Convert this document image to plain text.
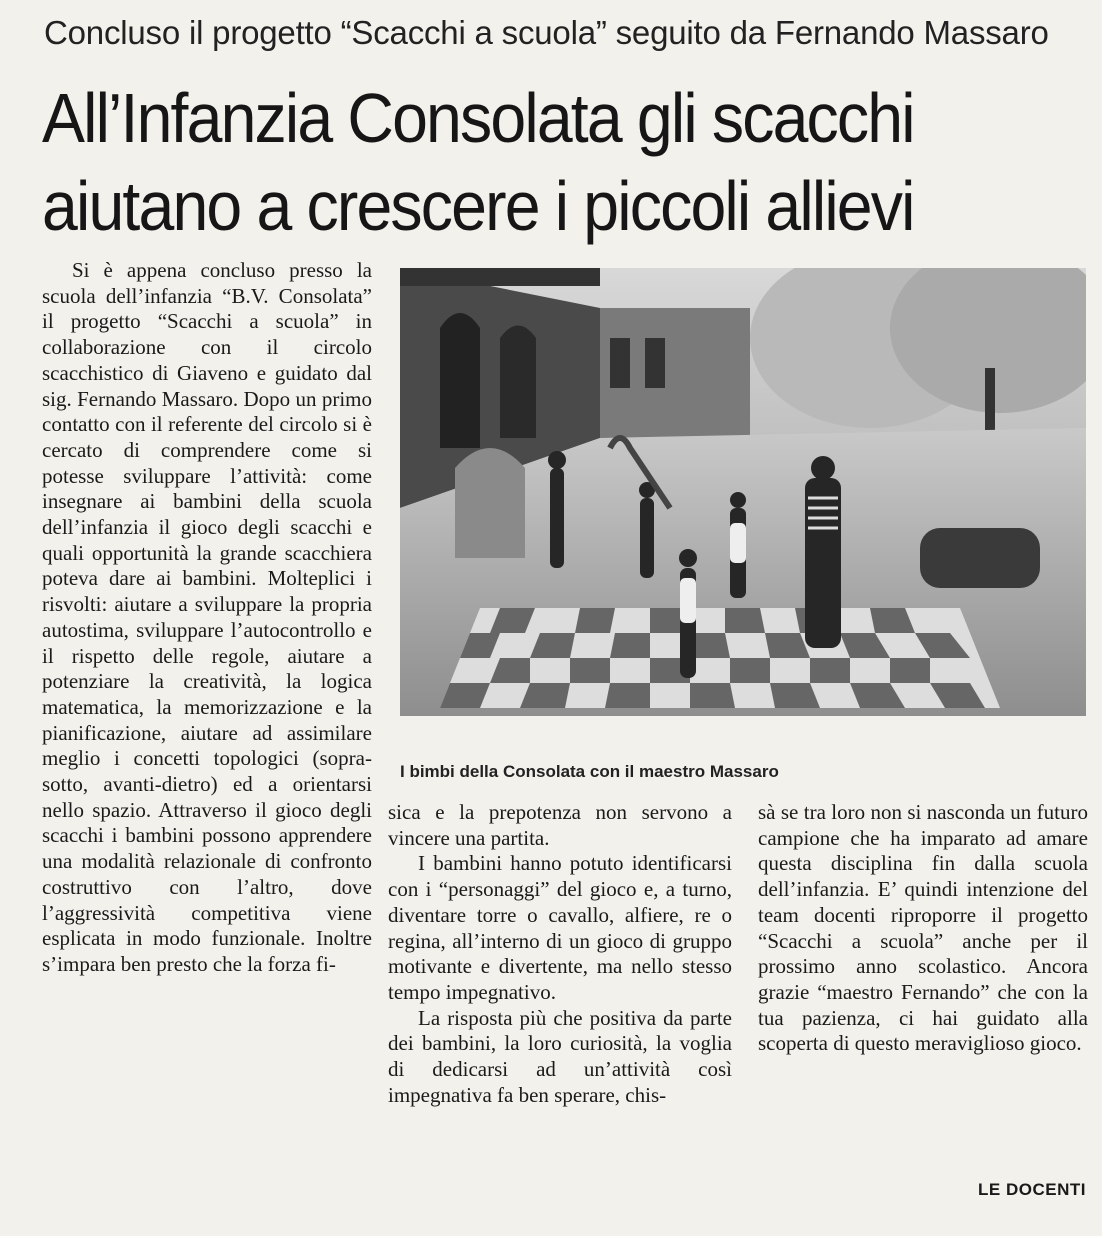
Concluso il progetto “Scacchi a scuola” seguito da Fernando Massaro
All’Infanzia Consolata gli scacchi
aiutano a crescere i piccoli allievi

Si è appena concluso presso la scuola dell’infanzia “B.V. Consolata” il progetto “Scacchi a scuola” in collaborazione con il circolo scacchistico di Giaveno e guidato dal sig. Fernando Massaro. Dopo un primo contatto con il referente del circolo si è cercato di comprendere come si potesse sviluppare l’attività: come insegnare ai bambini della scuola dell’infanzia il gioco degli scacchi e quali opportunità la grande scacchiera poteva dare ai bambini. Molteplici i risvolti: aiutare a sviluppare la propria autostima, sviluppare l’autocontrollo e il rispetto delle regole, aiutare a potenziare la creatività, la logica matematica, la memorizzazione e la pianificazione, aiutare ad assimilare meglio i concetti topologici (sopra-sotto, avanti-dietro) ed a orientarsi nello spazio. Attraverso il gioco degli scacchi i bambini possono apprendere una modalità relazionale di confronto costruttivo con l’altro, dove l’aggressività competitiva viene esplicata in modo funzionale. Inoltre s’impara ben presto che la forza fi-

I bimbi della Consolata con il maestro Massaro

sica e la prepotenza non servono a vincere una partita.

I bambini hanno potuto identificarsi con i “personaggi” del gioco e, a turno, diventare torre o cavallo, alfiere, re o regina, all’interno di un gioco di gruppo motivante e divertente, ma nello stesso tempo impegnativo.

La risposta più che positiva da parte dei bambini, la loro curiosità, la voglia di dedicarsi ad un’attività così impegnativa fa ben sperare, chis-

sà se tra loro non si nasconda un futuro campione che ha imparato ad amare questa disciplina fin dalla scuola dell’infanzia. E’ quindi intenzione del team docenti riproporre il progetto “Scacchi a scuola” anche per il prossimo anno scolastico. Ancora grazie “maestro Fernando” che con la tua pazienza, ci hai guidato alla scoperta di questo meraviglioso gioco.

LE DOCENTI
